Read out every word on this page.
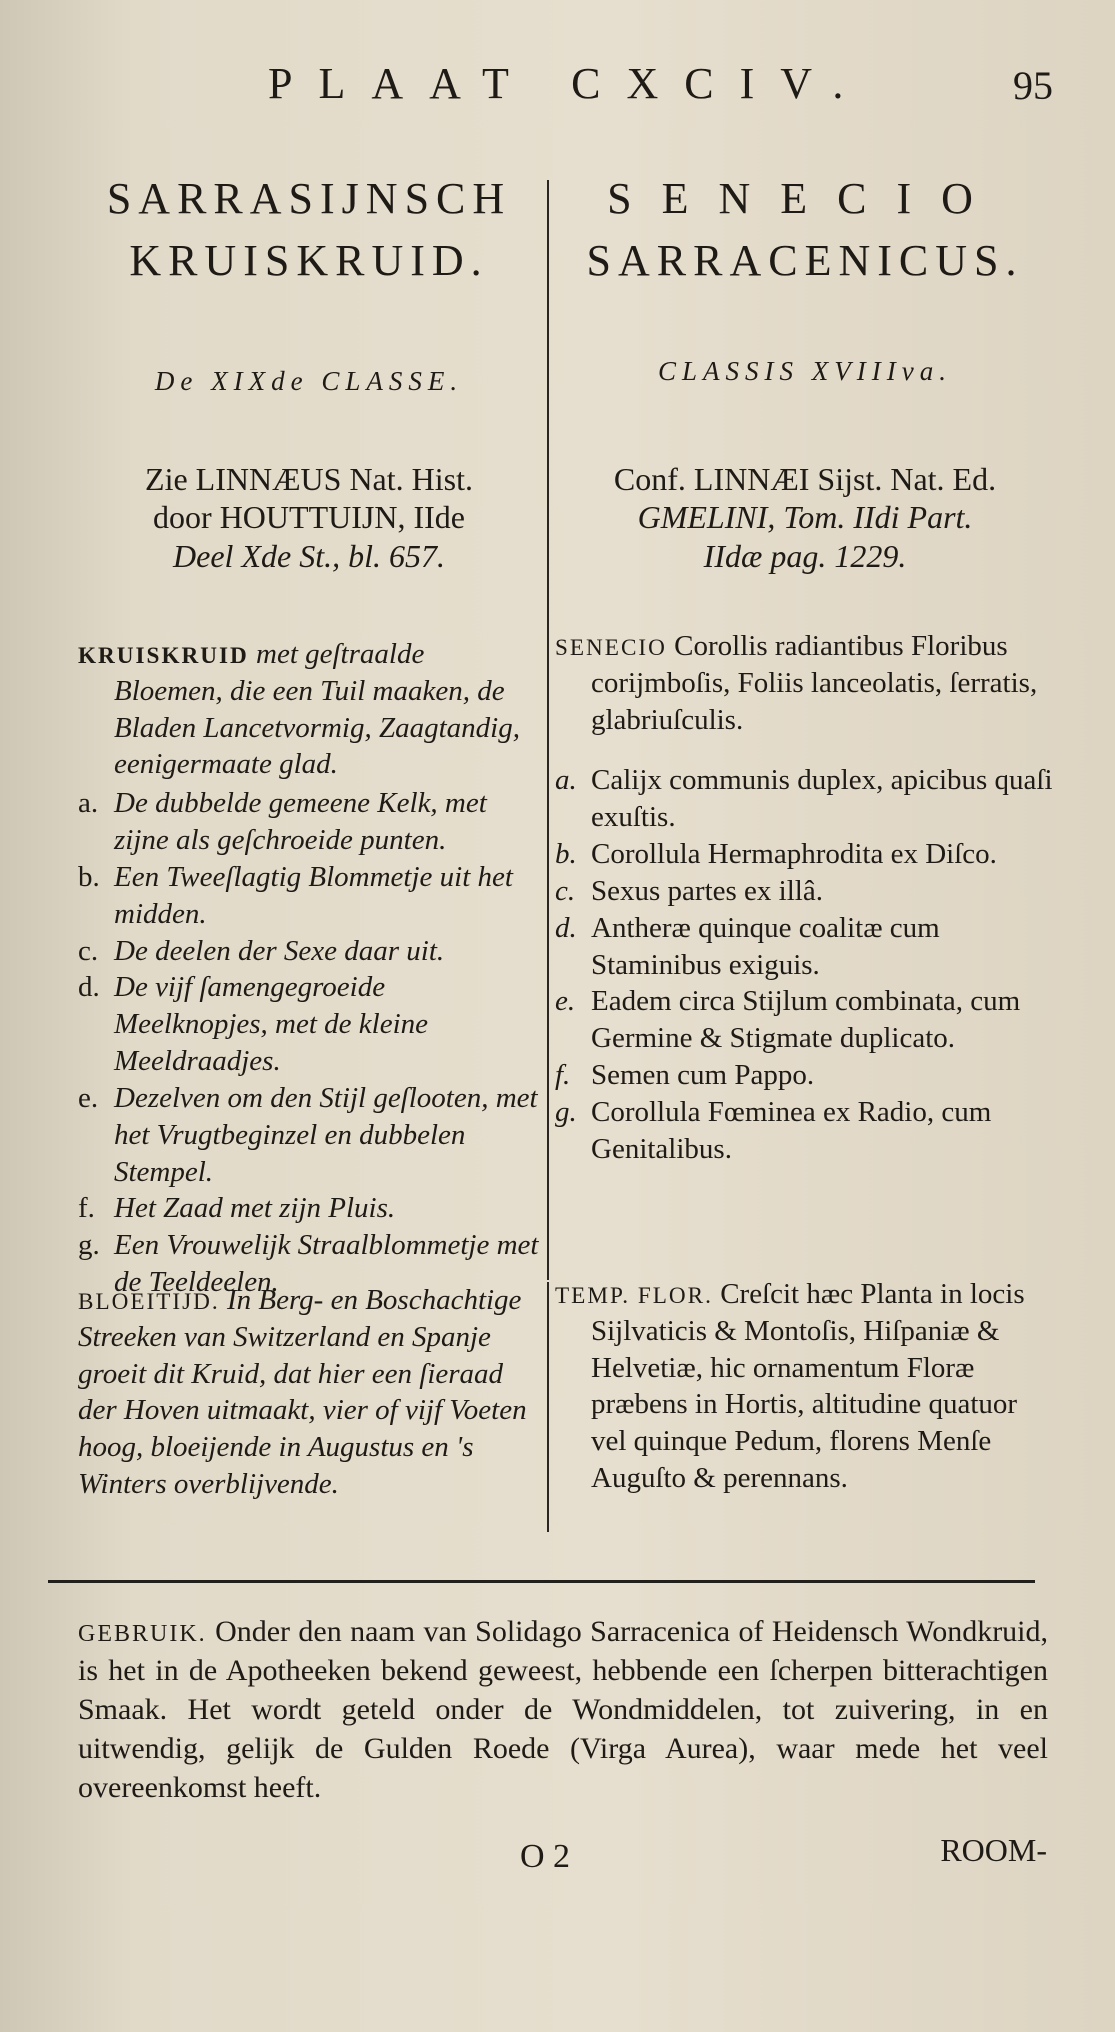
PLAAT CXCIV.	95
SARRASIJNSCH
KRUISKRUID.
De XIXde CLASSE.
Zie LINNÆUS Nat. Hist.
door HOUTTUIJN, IIde
Deel Xde St., bl. 657.
KRUISKRUID met geſtraalde Bloemen, die een Tuil maaken, de Bladen Lancetvormig, Zaagtandig, eenigermaate glad.
a. De dubbelde gemeene Kelk, met zijne als geſchroeide punten.
b. Een Tweeſlagtig Blommetje uit het midden.
c. De deelen der Sexe daar uit.
d. De vijf ſamengegroeide Meelknopjes, met de kleine Meeldraadjes.
e. Dezelven om den Stijl geſlooten, met het Vrugtbeginzel en dubbelen Stempel.
f. Het Zaad met zijn Pluis.
g. Een Vrouwelijk Straalblommetje met de Teeldeelen.
BLOEITIJD. In Berg- en Boschachtige Streeken van Switzerland en Spanje groeit dit Kruid, dat hier een ſieraad der Hoven uitmaakt, vier of vijf Voeten hoog, bloeijende in Augustus en 's Winters overblijvende.
SENECIO
SARRACENICUS.
CLASSIS XVIIIva.
Conf. LINNÆI Sijst. Nat. Ed.
GMELINI, Tom. IIdi Part.
IIdæ pag. 1229.
SENECIO Corollis radiantibus Floribus corijmboſis, Foliis lanceolatis, ſerratis, glabriuſculis.
a. Calijx communis duplex, apicibus quaſi exuſtis.
b. Corollula Hermaphrodita ex Diſco.
c. Sexus partes ex illâ.
d. Antheræ quinque coalitæ cum Staminibus exiguis.
e. Eadem circa Stijlum combinata, cum Germine & Stigmate duplicato.
f. Semen cum Pappo.
g. Corollula Fœminea ex Radio, cum Genitalibus.
TEMP. FLOR. Creſcit hæc Planta in locis Sijlvaticis & Montoſis, Hiſpaniæ & Helvetiæ, hic ornamentum Floræ præbens in Hortis, altitudine quatuor vel quinque Pedum, florens Menſe Auguſto & perennans.
GEBRUIK. Onder den naam van Solidago Sarracenica of Heidensch Wondkruid, is het in de Apotheeken bekend geweest, hebbende een ſcherpen bitterachtigen Smaak. Het wordt geteld onder de Wondmiddelen, tot zuivering, in en uitwendig, gelijk de Gulden Roede (Virga Aurea), waar mede het veel overeenkomst heeft.
O 2	ROOM-
